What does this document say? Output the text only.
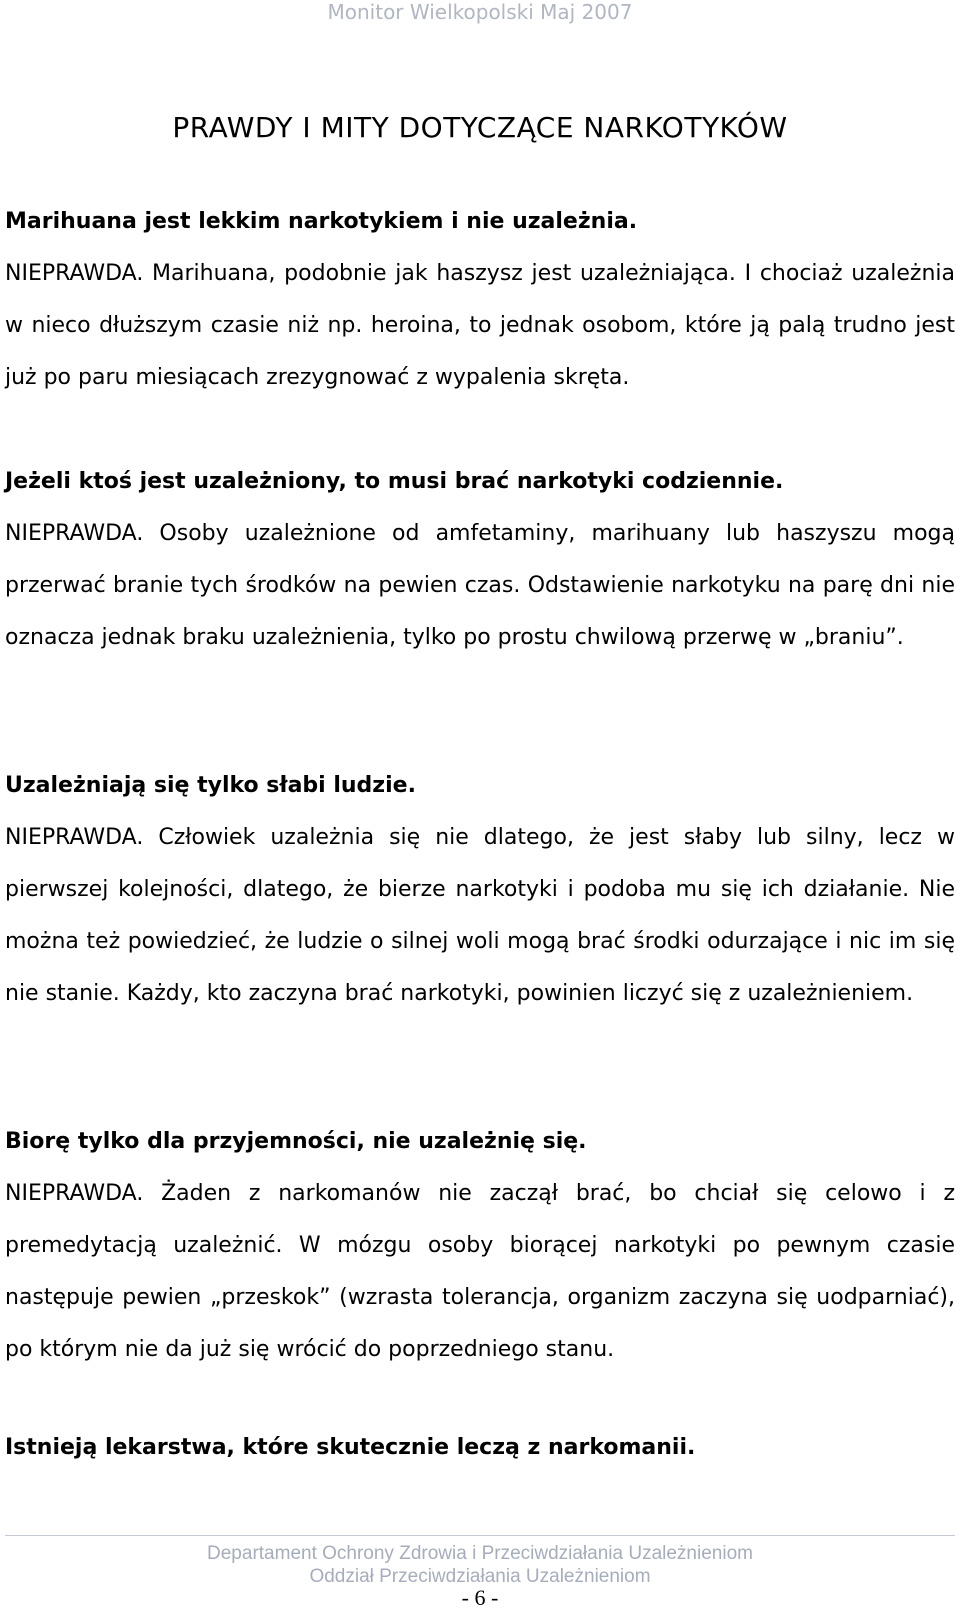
Monitor Wielkopolski Maj 2007
PRAWDY I MITY DOTYCZĄCE NARKOTYKÓW
Marihuana jest lekkim narkotykiem i nie uzależnia.
NIEPRAWDA. Marihuana, podobnie jak haszysz jest uzależniająca. I chociaż uzależnia w nieco dłuższym czasie niż np. heroina, to jednak osobom, które ją palą trudno jest już po paru miesiącach zrezygnować z wypalenia skręta.
Jeżeli ktoś jest uzależniony, to musi brać narkotyki codziennie.
NIEPRAWDA. Osoby uzależnione od amfetaminy, marihuany lub haszyszu mogą przerwać branie tych środków na pewien czas. Odstawienie narkotyku na parę dni nie oznacza jednak braku uzależnienia, tylko po prostu chwilową przerwę w „braniu”.
Uzależniają się tylko słabi ludzie.
NIEPRAWDA. Człowiek uzależnia się nie dlatego, że jest słaby lub silny, lecz w pierwszej kolejności, dlatego, że bierze narkotyki i podoba mu się ich działanie. Nie można też powiedzieć, że ludzie o silnej woli mogą brać środki odurzające i nic im się nie stanie. Każdy, kto zaczyna brać narkotyki, powinien liczyć się z uzależnieniem.
Biorę tylko dla przyjemności, nie uzależnię się.
NIEPRAWDA. Żaden z narkomanów nie zaczął brać, bo chciał się celowo i z premedytacją uzależnić. W mózgu osoby biorącej narkotyki po pewnym czasie następuje pewien „przeskok” (wzrasta tolerancja, organizm zaczyna się uodparniać), po którym nie da już się wrócić do poprzedniego stanu.
Istnieją lekarstwa, które skutecznie leczą z narkomanii.
Departament Ochrony Zdrowia i Przeciwdziałania Uzależnieniom
Oddział Przeciwdziałania Uzależnieniom
- 6 -
